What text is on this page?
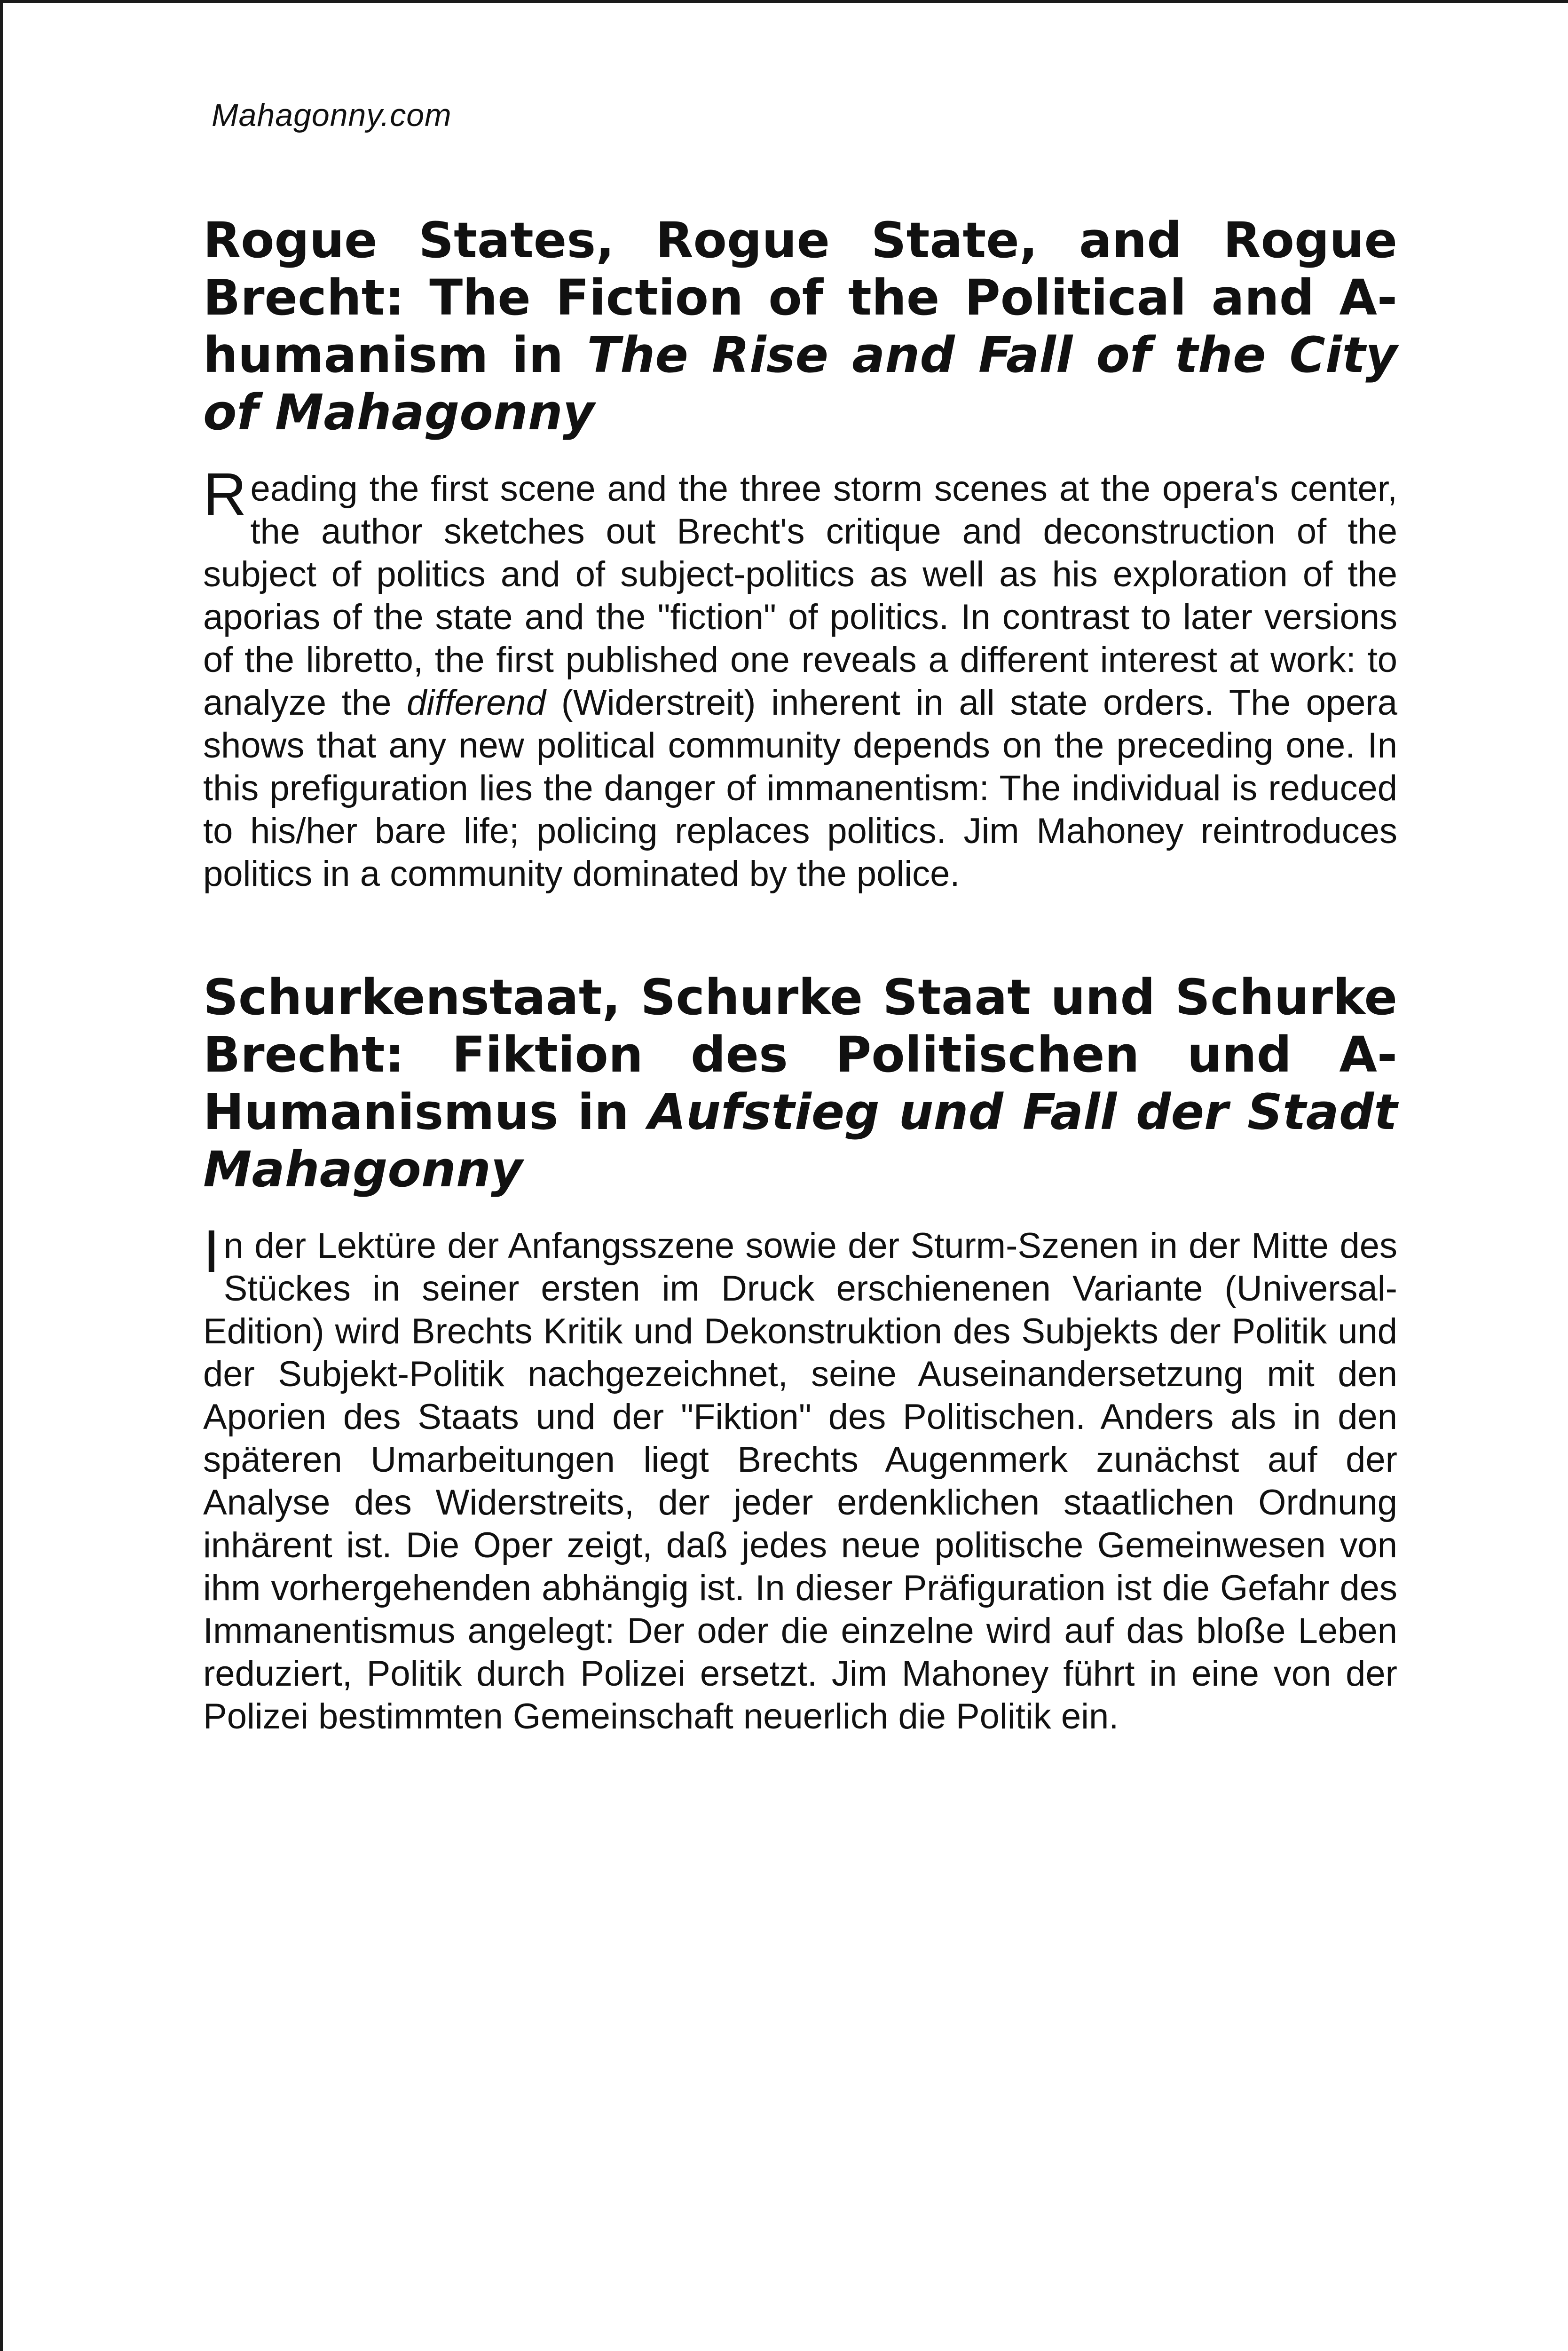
Mahagonny.com
Rogue States, Rogue State, and Rogue Brecht: The Fiction of the Political and A-humanism in The Rise and Fall of the City of Mahagonny

Reading the first scene and the three storm scenes at the opera's center, the author sketches out Brecht's critique and deconstruction of the subject of politics and of subject-politics as well as his exploration of the aporias of the state and the "fiction" of politics. In contrast to later versions of the libretto, the first published one reveals a different interest at work: to analyze the differend (Widerstreit) inherent in all state orders. The opera shows that any new political community depends on the preceding one. In this prefiguration lies the danger of immanentism: The individual is reduced to his/her bare life; policing replaces politics. Jim Mahoney reintroduces politics in a community dominated by the police.

Schurkenstaat, Schurke Staat und Schurke Brecht: Fiktion des Politischen und A-Humanismus in Aufstieg und Fall der Stadt Mahagonny

In der Lektüre der Anfangsszene sowie der Sturm-Szenen in der Mitte des Stückes in seiner ersten im Druck erschienenen Variante (Universal-Edition) wird Brechts Kritik und Dekonstruktion des Subjekts der Politik und der Subjekt-Politik nachgezeichnet, seine Auseinandersetzung mit den Aporien des Staats und der "Fiktion" des Politischen. Anders als in den späteren Umarbeitungen liegt Brechts Augenmerk zunächst auf der Analyse des Widerstreits, der jeder erdenklichen staatlichen Ordnung inhärent ist. Die Oper zeigt, daß jedes neue politische Gemeinwesen von ihm vorhergehenden abhängig ist. In dieser Präfiguration ist die Gefahr des Immanentismus angelegt: Der oder die einzelne wird auf das bloße Leben reduziert, Politik durch Polizei ersetzt. Jim Mahoney führt in eine von der Polizei bestimmten Gemeinschaft neuerlich die Politik ein.
